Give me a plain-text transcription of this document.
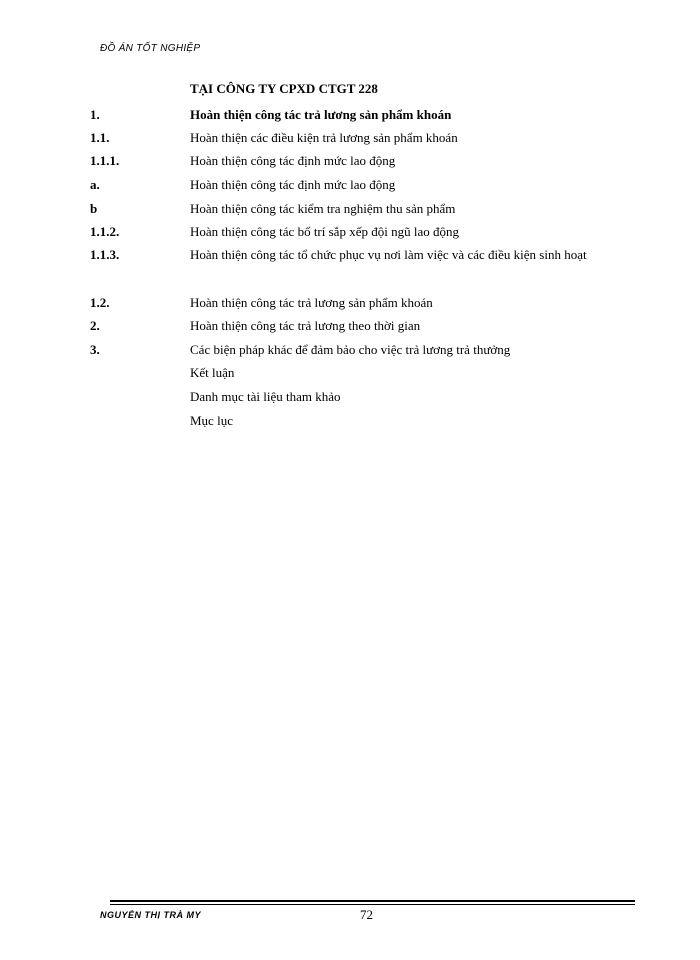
ĐỒ ÁN TỐT NGHIỆP
TẠI CÔNG TY CPXD CTGT 228
1.	Hoàn thiện công tác trả lương sản phẩm khoán
1.1.	Hoàn thiện các điều kiện trả lương sản phẩm khoán
1.1.1.	Hoàn thiện công tác định mức lao động
a.	Hoàn thiện công tác định mức lao động
b	Hoàn thiện công tác kiểm tra nghiệm thu sản phẩm
1.1.2.	Hoàn thiện công tác bố trí sắp xếp đội ngũ lao động
1.1.3.	Hoàn thiện công tác tổ chức phục vụ nơi làm việc và các điều kiện sinh hoạt
1.2.	Hoàn thiện công tác trả lương sản phẩm khoán
2.	Hoàn thiện công tác trả lương theo thời gian
3.	Các biện pháp khác để đảm bảo cho việc trả lương trả thưởng
Kết luận
Danh mục tài liệu tham khảo
Mục lục
NGUYỄN THỊ TRÀ MY	72
